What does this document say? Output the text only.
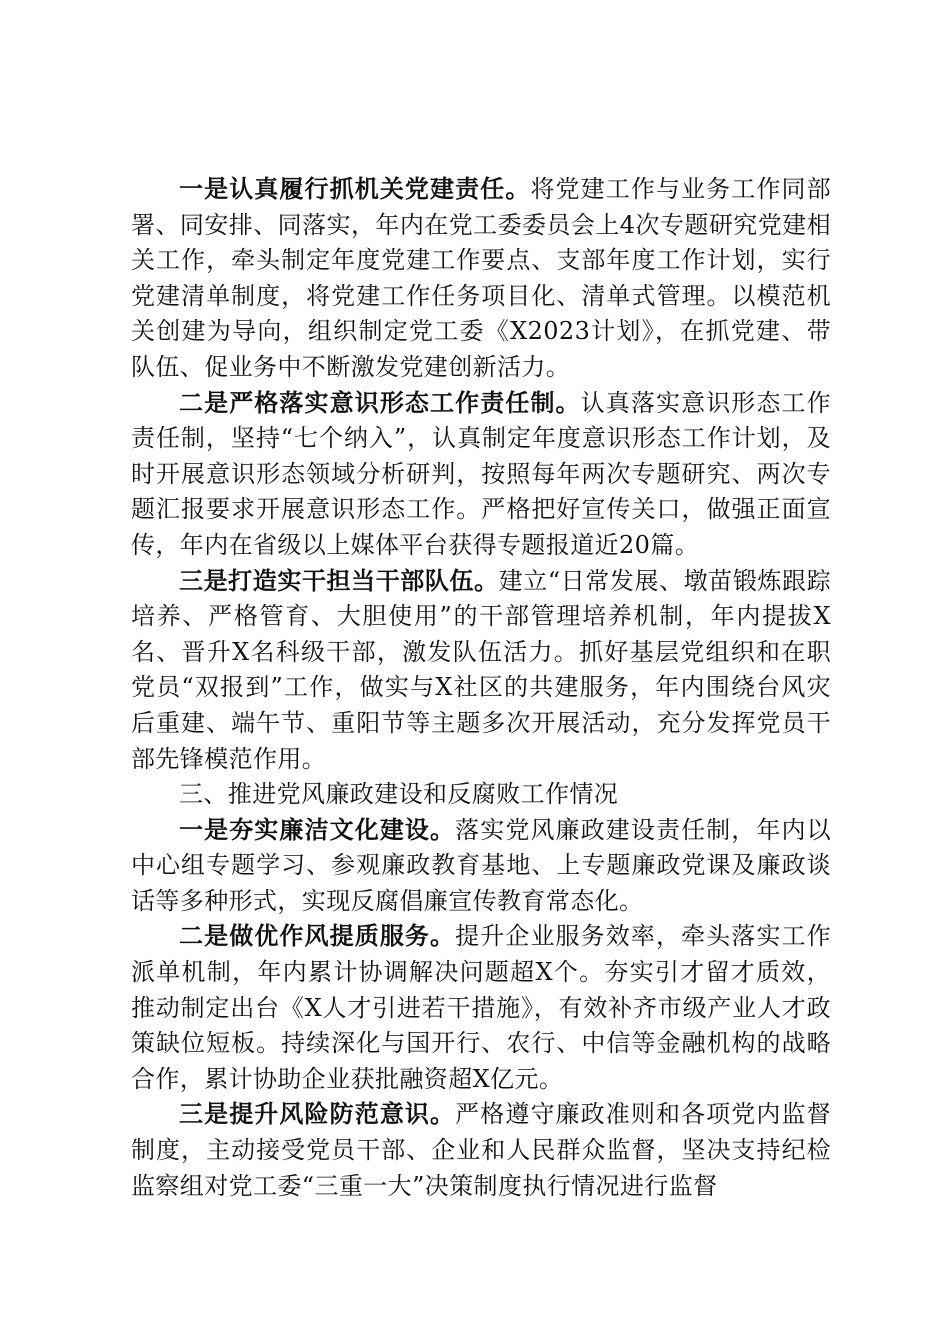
一是认真履行抓机关党建责任。将党建工作与业务工作同部署、同安排、同落实，年内在党工委委员会上4次专题研究党建相关工作，牵头制定年度党建工作要点、支部年度工作计划，实行党建清单制度，将党建工作任务项目化、清单式管理。以模范机关创建为导向，组织制定党工委《X2023计划》，在抓党建、带队伍、促业务中不断激发党建创新活力。

二是严格落实意识形态工作责任制。认真落实意识形态工作责任制，坚持“七个纳入”，认真制定年度意识形态工作计划，及时开展意识形态领域分析研判，按照每年两次专题研究、两次专题汇报要求开展意识形态工作。严格把好宣传关口，做强正面宣传，年内在省级以上媒体平台获得专题报道近20篇。

三是打造实干担当干部队伍。建立“日常发展、墩苗锻炼跟踪培养、严格管育、大胆使用”的干部管理培养机制，年内提拔X名、晋升X名科级干部，激发队伍活力。抓好基层党组织和在职党员“双报到”工作，做实与X社区的共建服务，年内围绕台风灾后重建、端午节、重阳节等主题多次开展活动，充分发挥党员干部先锋模范作用。

三、推进党风廉政建设和反腐败工作情况

一是夯实廉洁文化建设。落实党风廉政建设责任制，年内以中心组专题学习、参观廉政教育基地、上专题廉政党课及廉政谈话等多种形式，实现反腐倡廉宣传教育常态化。

二是做优作风提质服务。提升企业服务效率，牵头落实工作派单机制，年内累计协调解决问题超X个。夯实引才留才质效，推动制定出台《X人才引进若干措施》，有效补齐市级产业人才政策缺位短板。持续深化与国开行、农行、中信等金融机构的战略合作，累计协助企业获批融资超X亿元。

三是提升风险防范意识。严格遵守廉政准则和各项党内监督制度，主动接受党员干部、企业和人民群众监督，坚决支持纪检监察组对党工委“三重一大”决策制度执行情况进行监督
